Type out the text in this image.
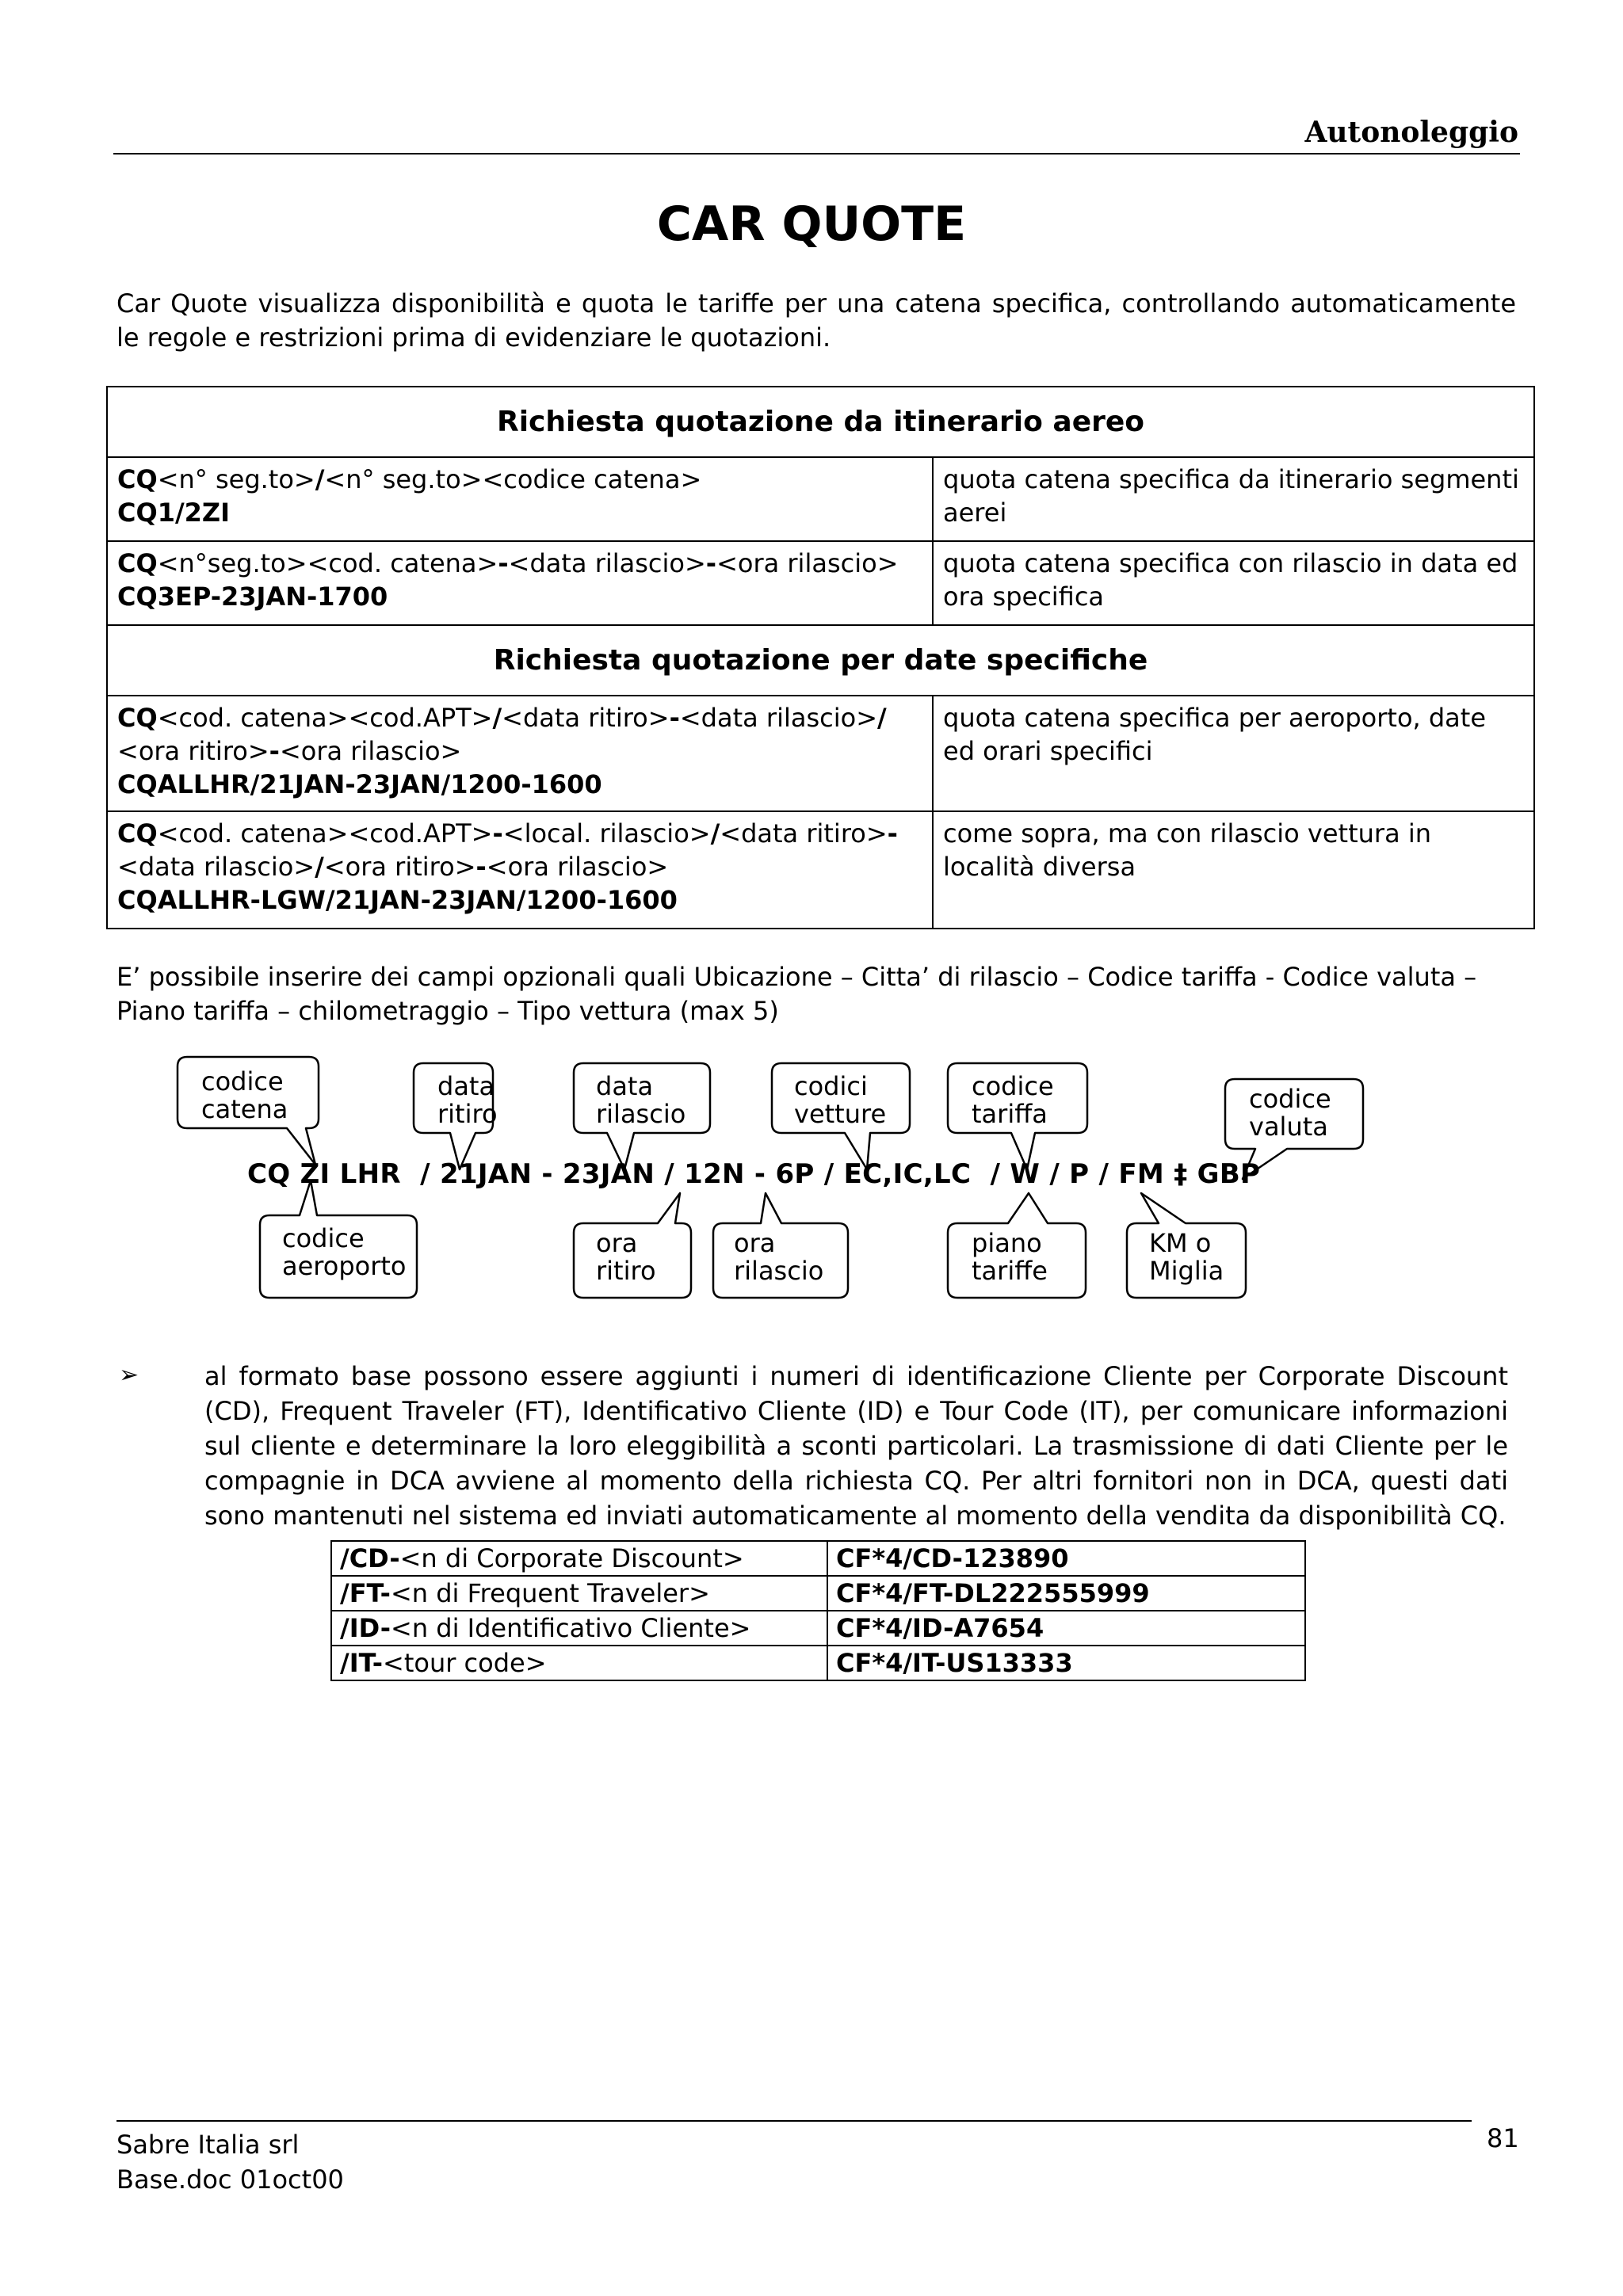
Autonoleggio
CAR QUOTE
Car Quote visualizza disponibilità e quota le tariffe per una catena specifica, controllando automaticamente le regole e restrizioni prima di evidenziare le quotazioni.
Richiesta quotazione da itinerario aereo	

CQ<n° seg.to>/<n° seg.to><codice catena>
CQ1/2ZI	quota catena specifica da itinerario segmenti aerei

CQ<n°seg.to><cod. catena>-<data rilascio>-<ora rilascio>
CQ3EP-23JAN-1700	quota catena specifica con rilascio in data ed ora specifica
Richiesta quotazione per date specifiche	

CQ<cod. catena><cod.APT>/<data ritiro>-<data rilascio>/
<ora ritiro>-<ora rilascio>
CQALLHR/21JAN-23JAN/1200-1600	quota catena specifica per aeroporto, date ed orari specifici

CQ<cod. catena><cod.APT>-<local. rilascio>/<data ritiro>-
<data rilascio>/<ora ritiro>-<ora rilascio>
CQALLHR-LGW/21JAN-23JAN/1200-1600	come sopra, ma con rilascio vettura in località diversa
E’ possibile inserire dei campi opzionali quali Ubicazione – Citta’ di rilascio – Codice tariffa - Codice valuta – Piano tariffa – chilometraggio – Tipo vettura (max 5)
codice
catena
data
ritiro
data
rilascio
codici
vetture
codice
tariffa	codice
valuta
codice
aeroporto
ora
ritiro
ora
rilascio
piano
tariffe
KM o
Miglia
CQ ZI LHR  / 21JAN - 23JAN / 12N - 6P / EC,IC,LC  / W / P / FM ‡ GBP
➢	al formato base possono essere aggiunti i numeri di identificazione Cliente per Corporate Discount (CD), Frequent Traveler (FT), Identificativo Cliente (ID) e Tour Code (IT), per comunicare informazioni sul cliente e determinare la loro eleggibilità a sconti particolari. La trasmissione di dati Cliente per le compagnie in DCA avviene al momento della richiesta CQ. Per altri fornitori non in DCA, questi dati sono mantenuti nel sistema ed inviati automaticamente al momento della vendita da disponibilità CQ.
/CD-<n di Corporate Discount>	CF*4/CD-123890
/FT-<n di Frequent Traveler>	CF*4/FT-DL222555999
/ID-<n di Identificativo Cliente>	CF*4/ID-A7654
/IT-<tour code>	CF*4/IT-US13333
Sabre Italia srl
Base.doc 01oct00
81
